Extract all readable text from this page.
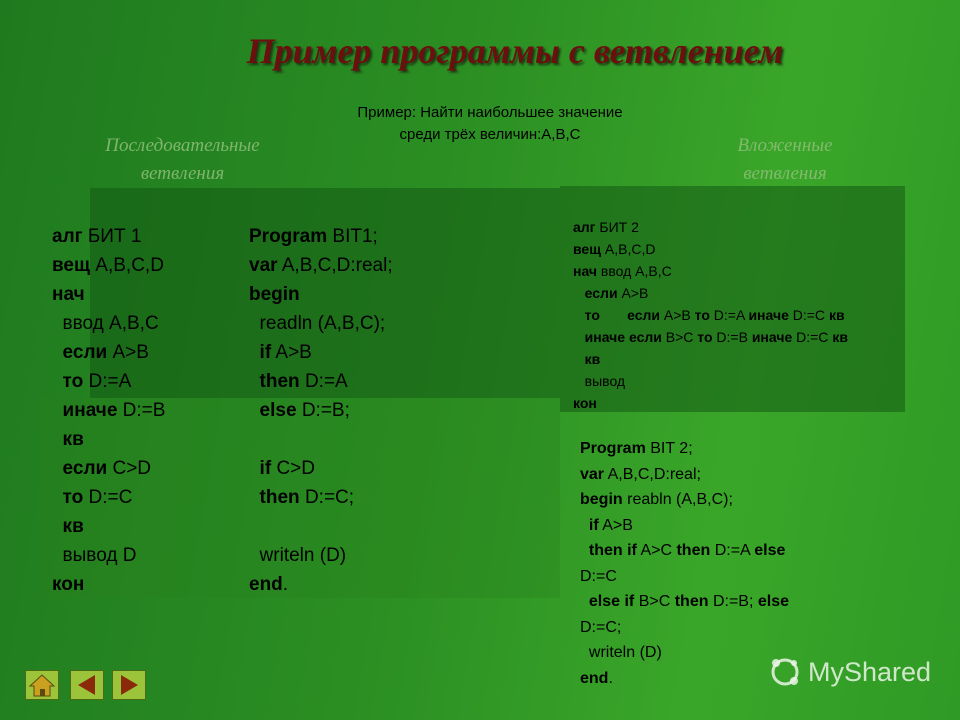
Пример программы с ветвлением
Пример: Найти наибольшее значение
среди трёх величин:А,В,С
Последовательные
ветвления
Вложенные
ветвления
алг БИТ 1
вещ А,В,С,D
нач
ввод А,В,С
если A>B
то D:=A
иначе D:=B
кв
если C>D
то D:=C
кв
вывод D
кон
Program BIT1;
var A,B,C,D:real;
begin
readln (A,B,C);
if A>B
then D:=A
else D:=B;
if C>D
then D:=C;
writeln (D)
end.
алг БИТ 2
вещ А,В,С,D
нач ввод А,В,С
если A>B
то если A>B то D:=A иначе D:=C кв
иначе если B>C то D:=B иначе D:=C кв
кв
вывод
кон
Program BIT 2;
var A,B,C,D:real;
begin reabln (A,B,C);
if A>B
then if A>C then D:=A else
D:=C
else if B>C then D:=B; else
D:=C;
writeln (D)
end.	MyShared
